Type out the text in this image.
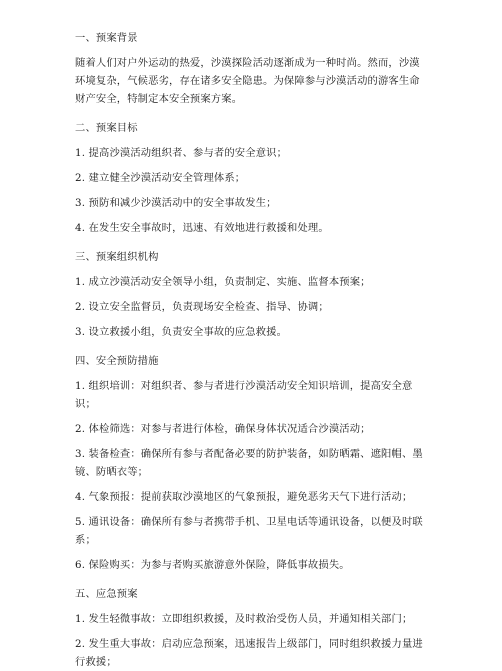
一、预案背景

随着人们对户外运动的热爱，沙漠探险活动逐渐成为一种时尚。然而，沙漠环境复杂，气候恶劣，存在诸多安全隐患。为保障参与沙漠活动的游客生命财产安全，特制定本安全预案方案。

二、预案目标

1. 提高沙漠活动组织者、参与者的安全意识；

2. 建立健全沙漠活动安全管理体系；

3. 预防和减少沙漠活动中的安全事故发生；

4. 在发生安全事故时，迅速、有效地进行救援和处理。

三、预案组织机构

1. 成立沙漠活动安全领导小组，负责制定、实施、监督本预案；

2. 设立安全监督员，负责现场安全检查、指导、协调；

3. 设立救援小组，负责安全事故的应急救援。

四、安全预防措施

1. 组织培训：对组织者、参与者进行沙漠活动安全知识培训，提高安全意识；

2. 体检筛选：对参与者进行体检，确保身体状况适合沙漠活动；

3. 装备检查：确保所有参与者配备必要的防护装备，如防晒霜、遮阳帽、墨镜、防晒衣等；

4. 气象预报：提前获取沙漠地区的气象预报，避免恶劣天气下进行活动；

5. 通讯设备：确保所有参与者携带手机、卫星电话等通讯设备，以便及时联系；

6. 保险购买：为参与者购买旅游意外保险，降低事故损失。

五、应急预案

1. 发生轻微事故：立即组织救援，及时救治受伤人员，并通知相关部门；

2. 发生重大事故：启动应急预案，迅速报告上级部门，同时组织救援力量进行救援；
